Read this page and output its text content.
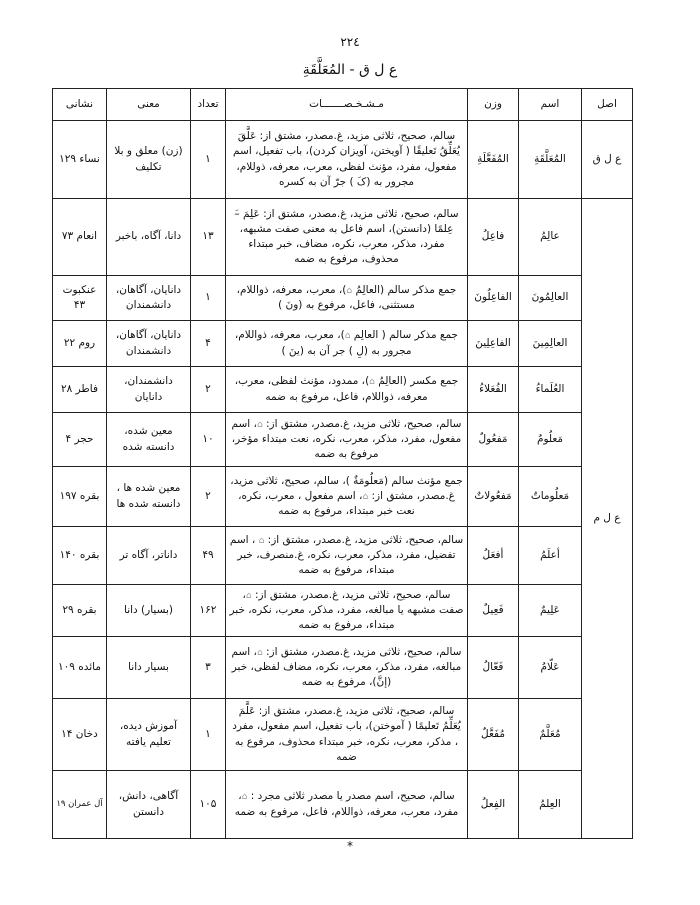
۲۲٤
ع ل ق - المُعَلَّقَةِ
اصل	اسم	وزن	مـشـخـصـــــــات	تعداد	معنی	نشانی
ع ل ق	المُعَلَّقَةِ	المُفَعَّلَةِ	سالم، صحیح، ثلاثی مزید، غ.مصدر، مشتق از: عَلَّقَ یُعَلِّقُ تَعلیقًا ( آویختن، آویزان کردن)، باب تفعیل، اسم مفعول، مفرد، مؤنث لفظی، معرب، معرفه، ذوللام، مجرور به (کَ ) جرّ آن به کسره	۱	(زن) معلق و بلا تکلیف	نساء ۱۲۹
ع ل م	عالِمُ	فاعِلُ	سالم، صحیح، ثلاثی مزید، غ.مصدر، مشتق از: عَلِمَ –َ عِلمًا (دانستن)، اسم فاعل به معنی صفت مشبهه، مفرد، مذکر، معرب، نکره، مضاف، خبر مبتداء محذوف، مرفوع به ضمه	۱۳	دانا، آگاه، باخبر	انعام ۷۳
	العالِمُونَ	الفاعِلُونَ	جمع مذکر سالم (العالِمُ ⌂)، معرب، معرفه، ذواللام، مستثنی، فاعل، مرفوع به (ونَ )	۱	دانایان، آگاهان، دانشمندان	عنکبوت ۴۳
	العالِمِینَ	الفاعِلِینَ	جمع مذکر سالم ( العالِم ⌂)، معرب، معرفه، ذواللام، مجرور به (لِ ) جر آن به (ینَ )	۴	دانایان، آگاهان، دانشمندان	روم ۲۲
	العُلَماءُ	الفُعَلاءُ	جمع مکسر (العالِمُ ⌂)، ممدود، مؤنث لفظی، معرب، معرفه، ذواللام، فاعل، مرفوع به ضمه	۲	دانشمندان، دانایان	فاطر ۲۸
	مَعلُومٌ	مَفعُولٌ	سالم، صحیح، ثلاثی مزید، غ.مصدر، مشتق از: ⌂، اسم مفعول، مفرد، مذکر، معرب، نکره، نعت مبتداء مؤخر، مرفوع به ضمه	۱۰	معین شده، دانسته شده	حجر ۴
	مَعلُوماتٌ	مَفعُولاتٌ	جمع مؤنث سالم (مَعلُومَةٌ )، سالم، صحیح، ثلاثی مزید، غ.مصدر، مشتق از: ⌂، اسم مفعول ، معرب، نکره، نعت خبر مبتداء، مرفوع به ضمه	۲	معین شده ها ، دانسته شده ها	بقره ۱۹۷
	أعلَمُ	أفعَلُ	سالم، صحیح، ثلاثی مزید، غ.مصدر، مشتق از: ⌂ ، اسم تفضیل، مفرد، مذکر، معرب، نکره، غ.منصرف، خبر مبتداء، مرفوع به ضمه	۴۹	داناتر، آگاه تر	بقره ۱۴۰
	عَلِیمٌ	فَعِیلٌ	سالم، صحیح، ثلاثی مزید، غ.مصدر، مشتق از: ⌂، صفت مشبهه یا مبالغه، مفرد، مذکر، معرب، نکره، خبر مبتداء، مرفوع به ضمه	۱۶۲	(بسیار) دانا	بقره ۲۹
	عَلّامُ	فَعّالُ	سالم، صحیح، ثلاثی مزید، غ.مصدر، مشتق از: ⌂، اسم مبالغه، مفرد، مذکر، معرب، نکره، مضاف لفظی، خبر (إنَّ)، مرفوع به ضمه	۳	بسیار دانا	مائده ۱۰۹
	مُعَلَّمٌ	مُفَعَّلٌ	سالم، صحیح، ثلاثی مزید، غ.مصدر، مشتق از: عَلَّمَ یُعَلِّمُ تَعلیمًا ( آموختن)، باب تفعیل، اسم مفعول، مفرد ، مذکر، معرب، نکره، خبر مبتداء محذوف، مرفوع به ضمه	۱	آموزش دیده، تعلیم یافته	دخان ۱۴
	العِلمُ	الفِعلُ	سالم، صحیح، اسم مصدر یا مصدر ثلاثی مجرد : ⌂، مفرد، معرب، معرفه، ذواللام، فاعل، مرفوع به ضمه	۱۰۵	آگاهی، دانش، دانستن	آل عمران ۱۹
*
